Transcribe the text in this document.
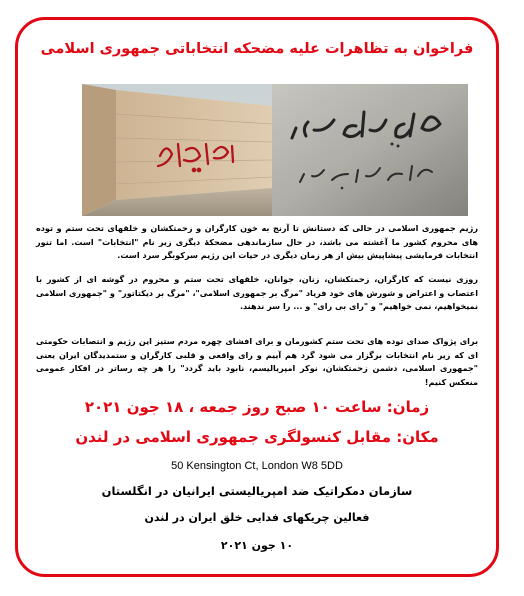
فراخوان به تظاهرات علیه مضحکه انتخاباتی جمهوری اسلامی
رژیم جمهوری اسلامی در حالی که دستانش تا آرنج به خون کارگران و زحمتکشان و خلقهای تحت ستم و توده های محروم کشور ما آغشته می باشد، در حال سازماندهی مضحکهٔ دیگری زیر نام "انتخابات" است. اما تنور انتخابات فرمایشی پیشاپیش بیش از هر زمان دیگری در حیات این رژیم سرکوبگر سرد است.
روزی نیست که کارگران، زحمتکشان، زنان، جوانان، خلقهای تحت ستم و محروم در گوشه ای از کشور با اعتصاب و اعتراض و شورش های خود فریاد "مرگ بر جمهوری اسلامی"، "مرگ بر دیکتاتور" و "جمهوری اسلامی نمیخواهیم، نمی خواهیم" و "رای بی رای" و ... را سر ندهند.
برای پژواک صدای توده های تحت ستم کشورمان و برای افشای چهره مردم ستیز این رژیم و انتصابات حکومتی ای که زیر نام انتخابات برگزار می شود گرد هم آییم و رای واقعی و قلبی کارگران و ستمدیدگان ایران یعنی "جمهوری اسلامی، دشمن زحمتکشان، نوکر امپریالیسم، نابود باید گردد" را هر چه رساتر در افکار عمومی منعکس کنیم!
زمان: ساعت ۱۰ صبح روز جمعه ، ۱۸ جون ۲۰۲۱
مکان: مقابل کنسولگری جمهوری اسلامی در لندن
50 Kensington Ct, London W8 5DD
سازمان دمکراتیک ضد امپریالیستی ایرانیان در انگلستان
فعالین چریکهای فدایی خلق ایران در لندن
۱۰ جون ۲۰۲۱
